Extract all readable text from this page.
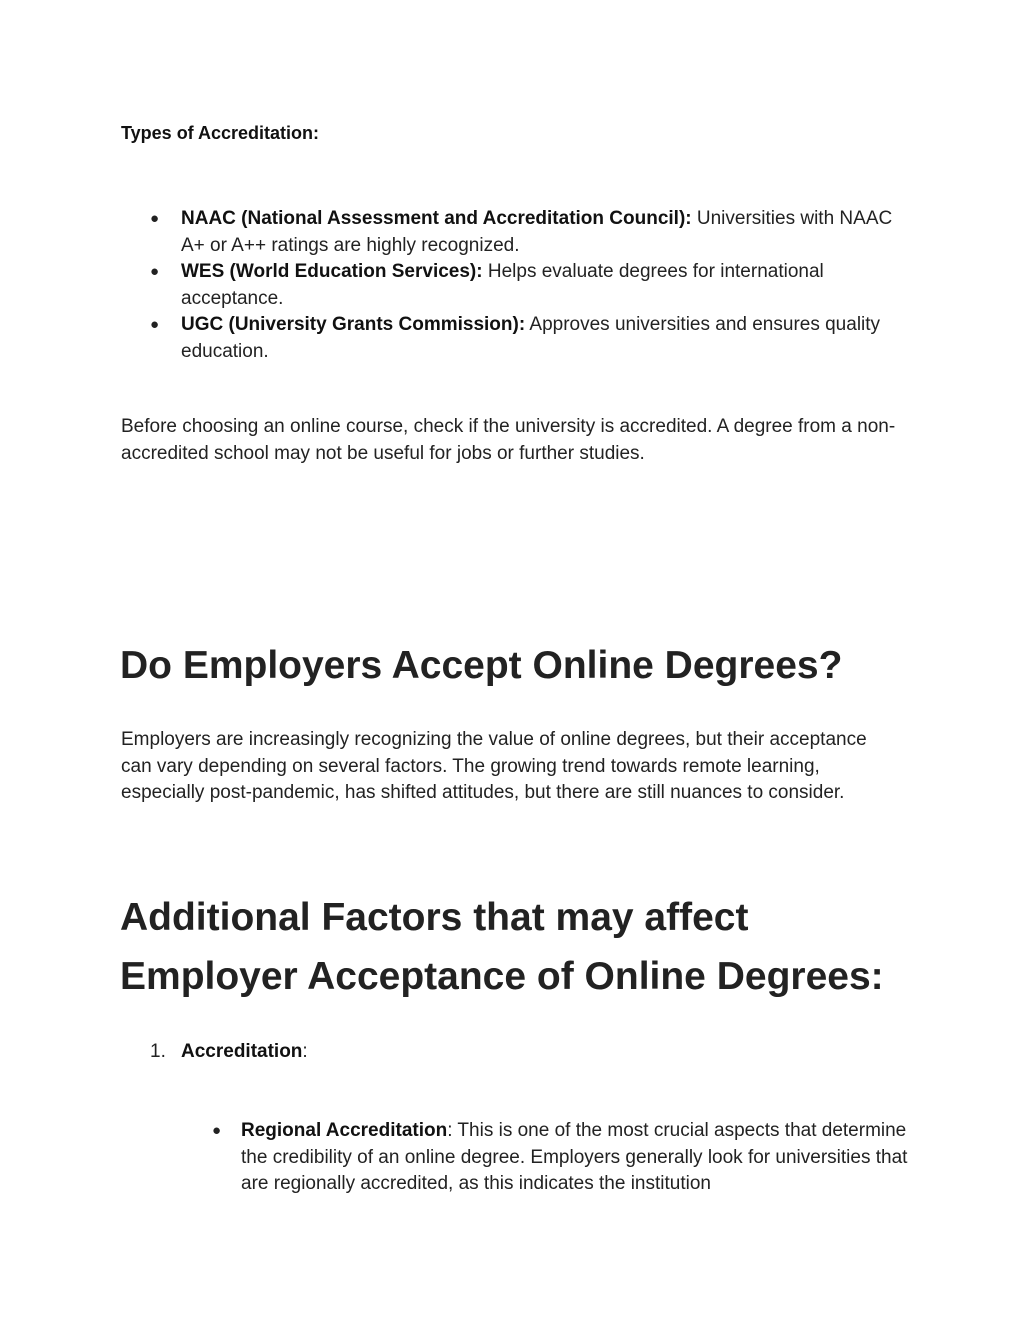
Types of Accreditation:
● NAAC (National Assessment and Accreditation Council): Universities with NAAC A+ or A++ ratings are highly recognized.
● WES (World Education Services): Helps evaluate degrees for international acceptance.
● UGC (University Grants Commission): Approves universities and ensures quality education.

Before choosing an online course, check if the university is accredited. A degree from a non-accredited school may not be useful for jobs or further studies.

Do Employers Accept Online Degrees?

Employers are increasingly recognizing the value of online degrees, but their acceptance can vary depending on several factors. The growing trend towards remote learning, especially post-pandemic, has shifted attitudes, but there are still nuances to consider.

Additional Factors that may affect Employer Acceptance of Online Degrees:
1. Accreditation:
● Regional Accreditation: This is one of the most crucial aspects that determine the credibility of an online degree. Employers generally look for universities that are regionally accredited, as this indicates the institution
